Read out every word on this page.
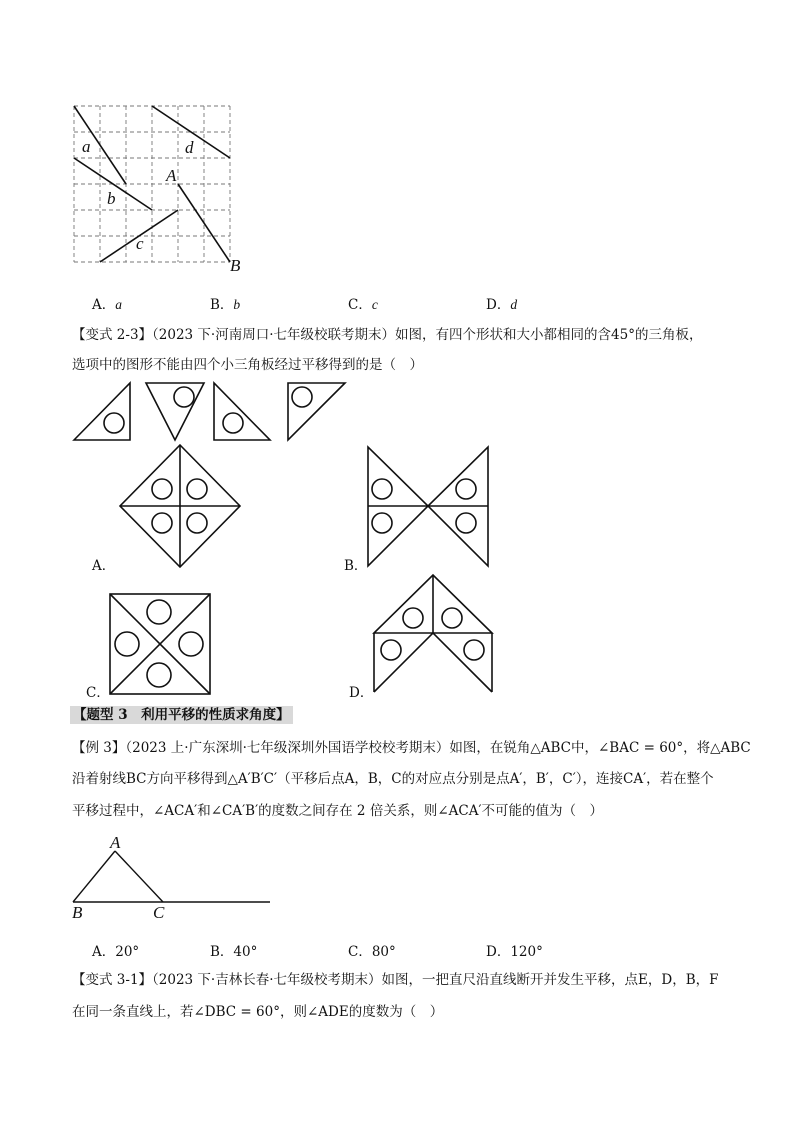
a
b
c
d
A
B
A．a	B．b	C．c	D．d
【变式 2-3】（2023 下·河南周口·七年级校联考期末）如图，有四个形状和大小都相同的含45°的三角板，
选项中的图形不能由四个小三角板经过平移得到的是（　）
A．	B．
C．	D．
【题型 3　利用平移的性质求角度】
【例 3】（2023 上·广东深圳·七年级深圳外国语学校校考期末）如图，在锐角△ABC中，∠BAC = 60°，将△ABC
沿着射线BC方向平移得到△A′B′C′（平移后点A，B，C的对应点分别是点A′，B′，C′），连接CA′，若在整个
平移过程中，∠ACA′和∠CA′B′的度数之间存在 2 倍关系，则∠ACA′不可能的值为（　）
A
B	C
A．20°	B．40°	C．80°	D．120°
【变式 3-1】（2023 下·吉林长春·七年级校考期末）如图，一把直尺沿直线断开并发生平移，点E，D，B，F
在同一条直线上，若∠DBC = 60°，则∠ADE的度数为（　）
